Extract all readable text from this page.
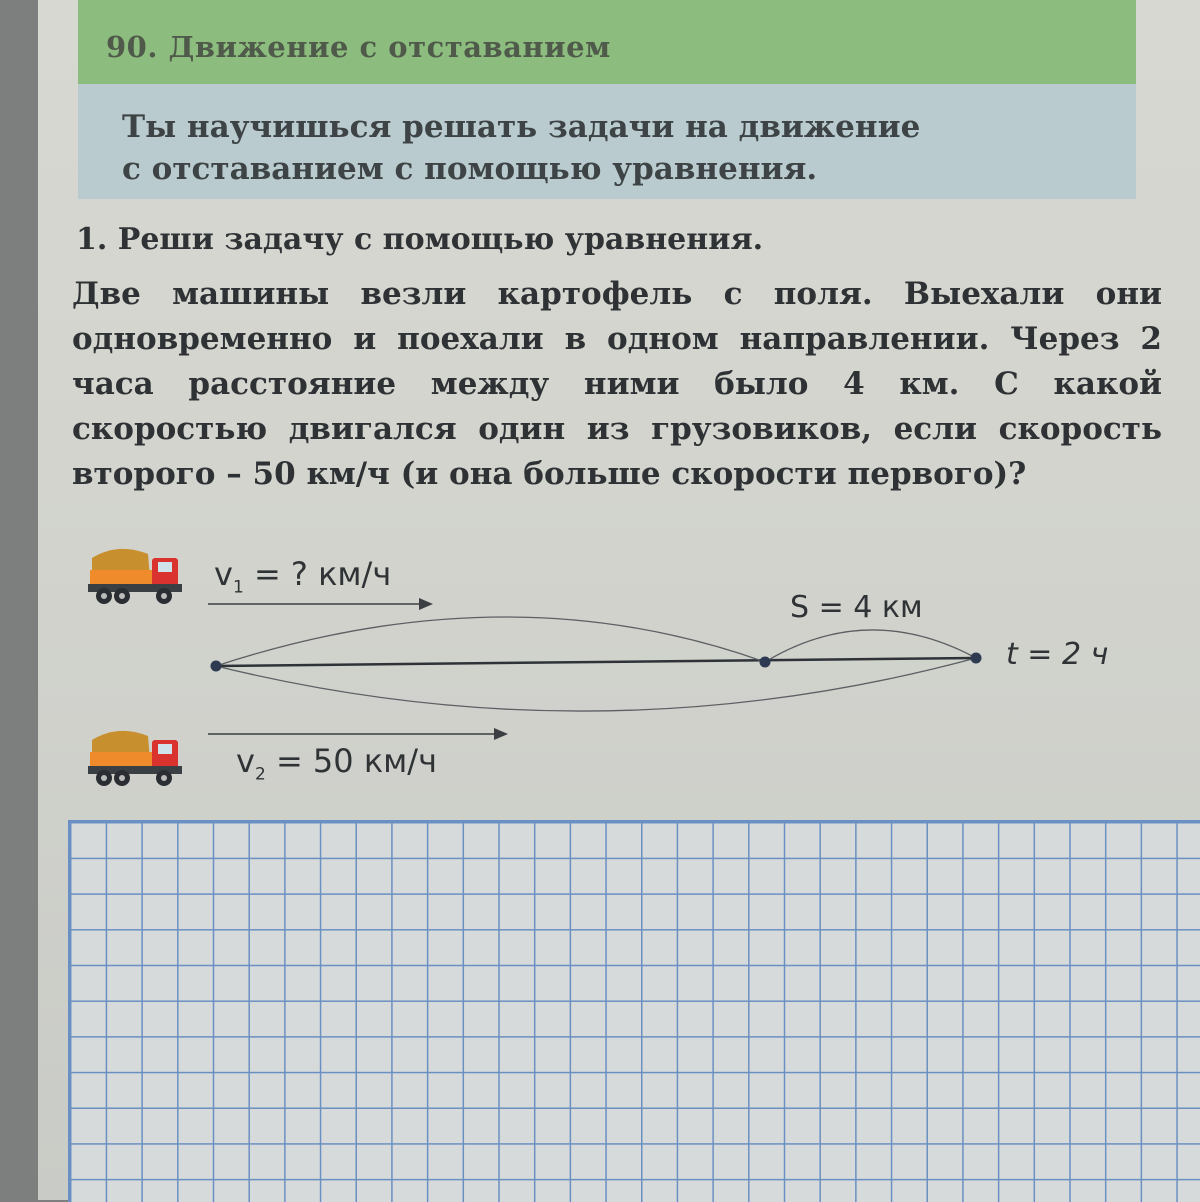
90. Движение с отставанием
Ты научишься решать задачи на движение
с отставанием с помощью уравнения.
1. Реши задачу с помощью уравнения.
Две машины везли картофель с поля. Выехали они одновременно и поехали в одном направлении. Через 2 часа расстояние между ними было 4 км. С какой скоростью двигался один из грузовиков, если скорость второго – 50 км/ч (и она больше скорости первого)?
$v_1$ = ? км/ч
S = 4 км
t = 2 ч
$v_2 = 50$ км/ч
